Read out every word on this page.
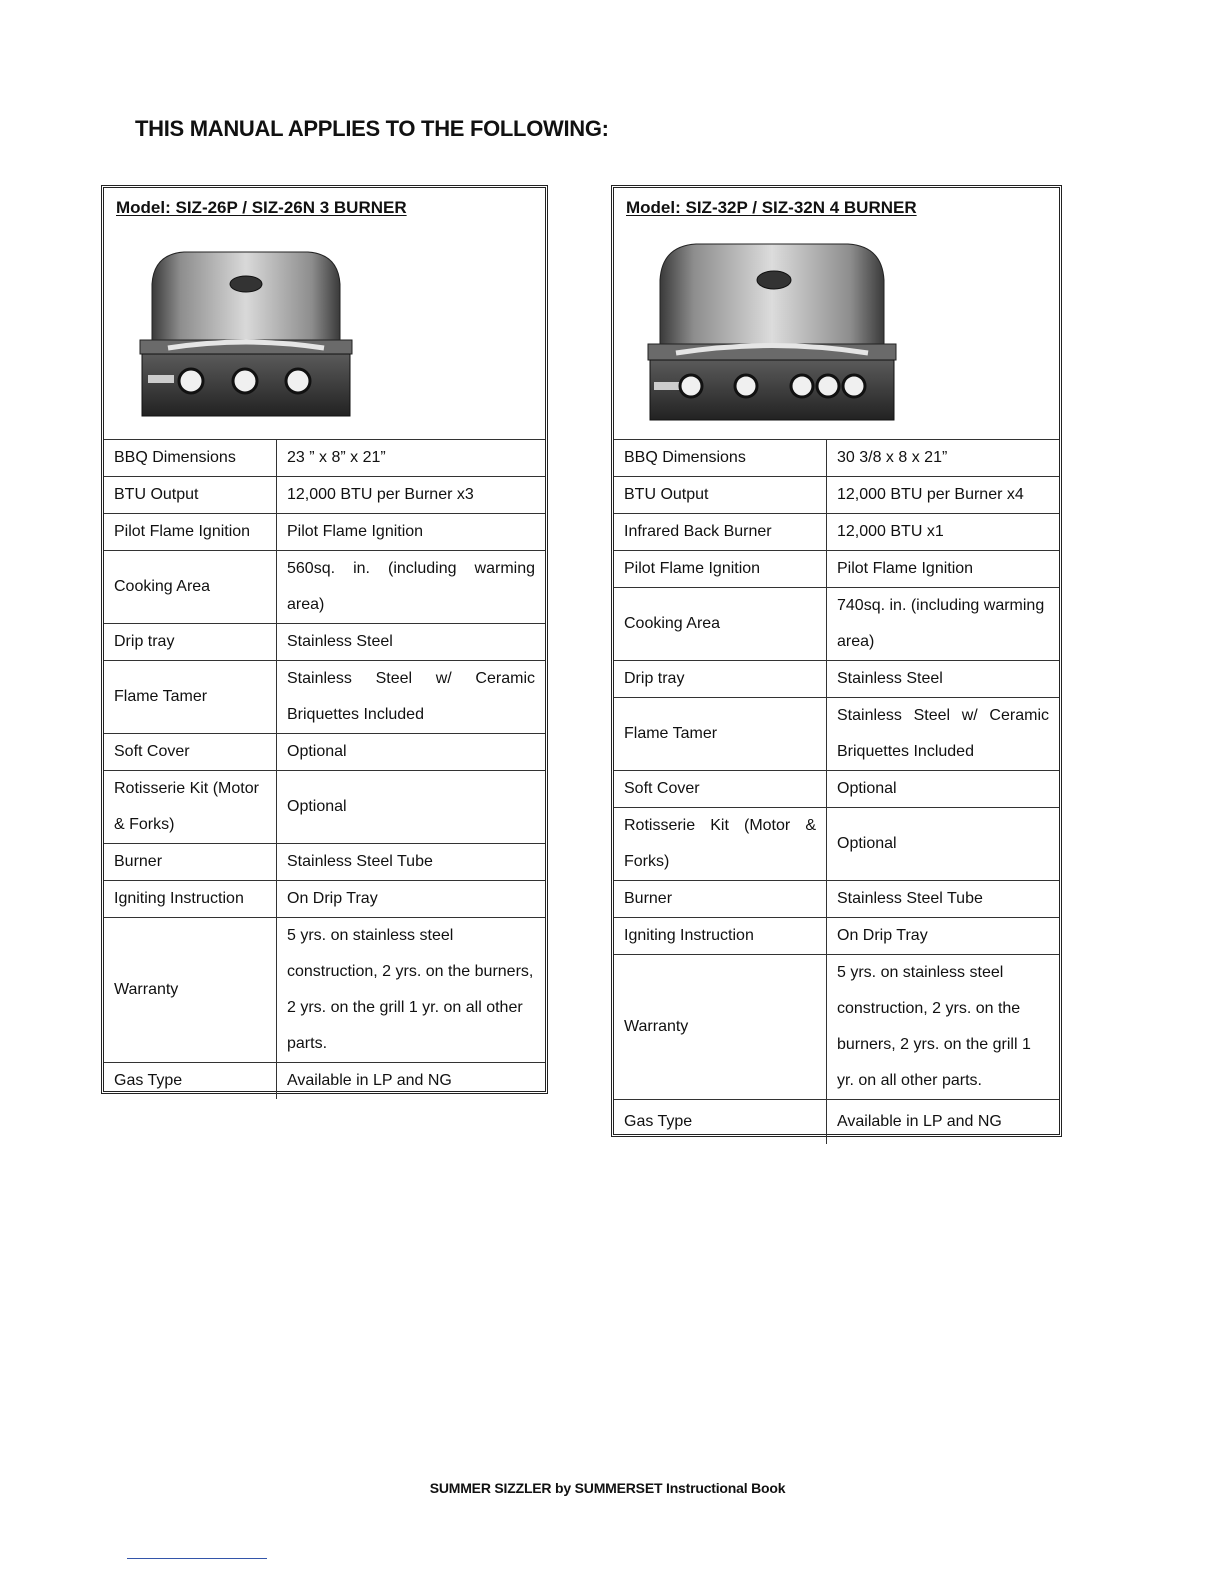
THIS MANUAL APPLIES TO THE FOLLOWING:
Model: SIZ-26P / SIZ-26N 3 BURNER
BBQ Dimensions	23 ” x 8” x 21”
BTU Output	12,000 BTU per Burner x3
Pilot Flame Ignition	Pilot Flame Ignition
Cooking Area	560sq. in. (including warming area)
Drip tray	Stainless Steel
Flame Tamer	Stainless Steel w/ Ceramic Briquettes Included
Soft Cover	Optional
Rotisserie Kit (Motor & Forks)	Optional
Burner	Stainless Steel Tube
Igniting Instruction	On Drip Tray
Warranty	5 yrs. on stainless steel construction, 2 yrs. on the burners, 2 yrs. on the grill 1 yr. on all other parts.
Gas Type	Available in LP and NG
Model: SIZ-32P / SIZ-32N 4 BURNER
BBQ Dimensions	30 3/8 x 8 x 21”
BTU Output	12,000 BTU per Burner x4
Infrared Back Burner	12,000 BTU x1
Pilot Flame Ignition	Pilot Flame Ignition
Cooking Area	740sq. in. (including warming area)
Drip tray	Stainless Steel
Flame Tamer	Stainless Steel w/ Ceramic Briquettes Included
Soft Cover	Optional
Rotisserie Kit (Motor & Forks)	Optional
Burner	Stainless Steel Tube
Igniting Instruction	On Drip Tray
Warranty	5 yrs. on stainless steel construction, 2 yrs. on the burners, 2 yrs. on the grill 1 yr. on all other parts.
Gas Type	Available in LP and NG
SUMMER SIZZLER by SUMMERSET Instructional Book
